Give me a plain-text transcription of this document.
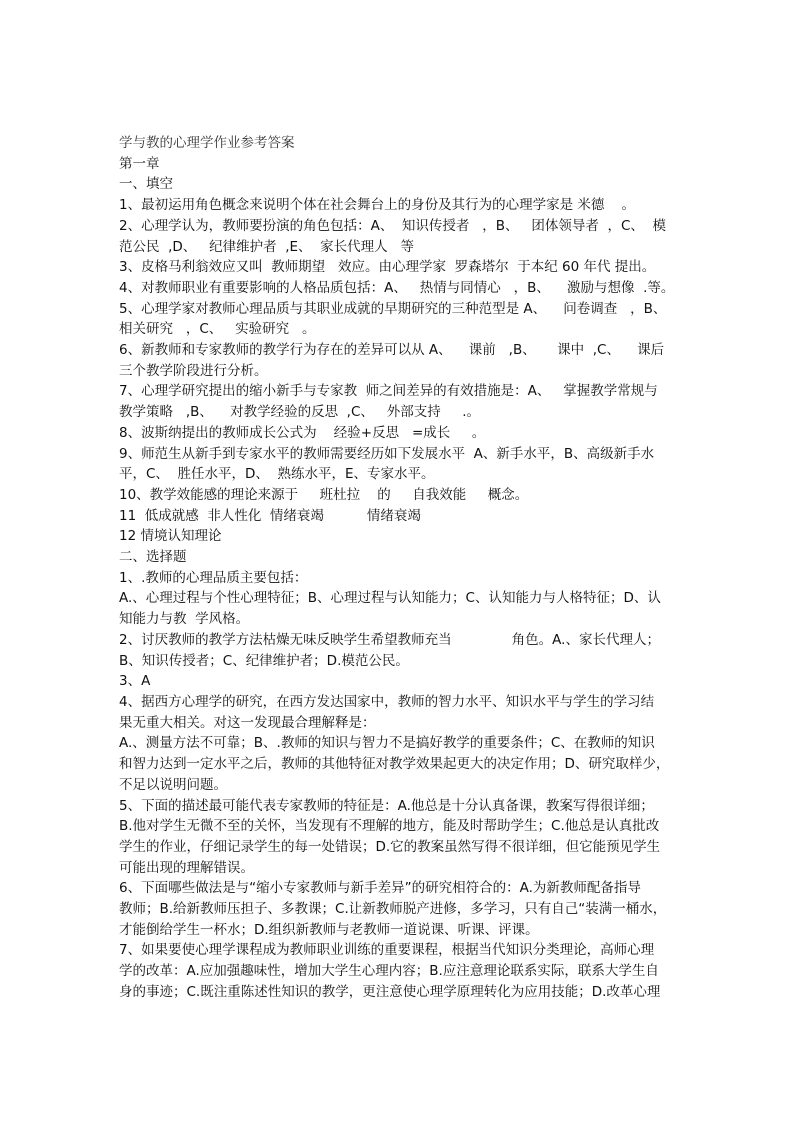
学与教的心理学作业参考答案

第一章

一、填空

1、最初运用角色概念来说明个体在社会舞台上的身份及其行为的心理学家是 米德    。

2、心理学认为，教师要扮演的角色包括：A、  知识传授者   ，B、   团体领导者  ，C、  模

范公民  ,D、   纪律维护者  ,E、  家长代理人   等

3、皮格马利翁效应又叫  教师期望   效应。由心理学家  罗森塔尔  于本纪 60 年代 提出。

4、对教师职业有重要影响的人格品质包括：A、   热情与同情心   ，B、    激励与想像  .等。

5、心理学家对教师心理品质与其职业成就的早期研究的三种范型是 A、    问卷调查   ，B、

相关研究   ，C、   实验研究   。

6、新教师和专家教师的教学行为存在的差异可以从 A、    课前   ,B、     课中  ,C、    课后

三个教学阶段进行分析。

7、心理学研究提出的缩小新手与专家教  师之间差异的有效措施是：A、   掌握教学常规与

教学策略   ,B、    对教学经验的反思  ,C、   外部支持     .。

8、波斯纳提出的教师成长公式为    经验+反思   =成长     。

9、师范生从新手到专家水平的教师需要经历如下发展水平  A、新手水平，B、高级新手水

平，C、  胜任水平，D、  熟练水平，E、专家水平。

10、教学效能感的理论来源于     班杜拉    的     自我效能     概念。

11  低成就感  非人性化  情绪衰竭          情绪衰竭

12 情境认知理论

二、选择题

1、.教师的心理品质主要包括：

A.、心理过程与个性心理特征；B、心理过程与认知能力；C、认知能力与人格特征；D、认

知能力与教  学风格。

2、讨厌教师的教学方法枯燥无味反映学生希望教师充当              角色。A.、家长代理人；

B、知识传授者；C、纪律维护者；D.模范公民。

3、A

4、据西方心理学的研究，在西方发达国家中，教师的智力水平、知识水平与学生的学习结

果无重大相关。对这一发现最合理解释是：

A.、测量方法不可靠；B、.教师的知识与智力不是搞好教学的重要条件；C、在教师的知识

和智力达到一定水平之后，教师的其他特征对教学效果起更大的决定作用；D、研究取样少，

不足以说明问题。

5、下面的描述最可能代表专家教师的特征是：A.他总是十分认真备课，教案写得很详细；

B.他对学生无微不至的关怀，当发现有不理解的地方，能及时帮助学生；C.他总是认真批改

学生的作业，仔细记录学生的每一处错误；D.它的教案虽然写得不很详细，但它能预见学生

可能出现的理解错误。

6、下面哪些做法是与“缩小专家教师与新手差异”的研究相符合的：A.为新教师配备指导

教师；B.给新教师压担子、多教课；C.让新教师脱产进修，多学习，只有自己“装满一桶水，

才能倒给学生一杯水；D.组织新教师与老教师一道说课、听课、评课。

7、如果要使心理学课程成为教师职业训练的重要课程，根据当代知识分类理论，高师心理

学的改革：A.应加强趣味性，增加大学生心理内容；B.应注意理论联系实际，联系大学生自

身的事迹；C.既注重陈述性知识的教学，更注意使心理学原理转化为应用技能；D.改革心理
